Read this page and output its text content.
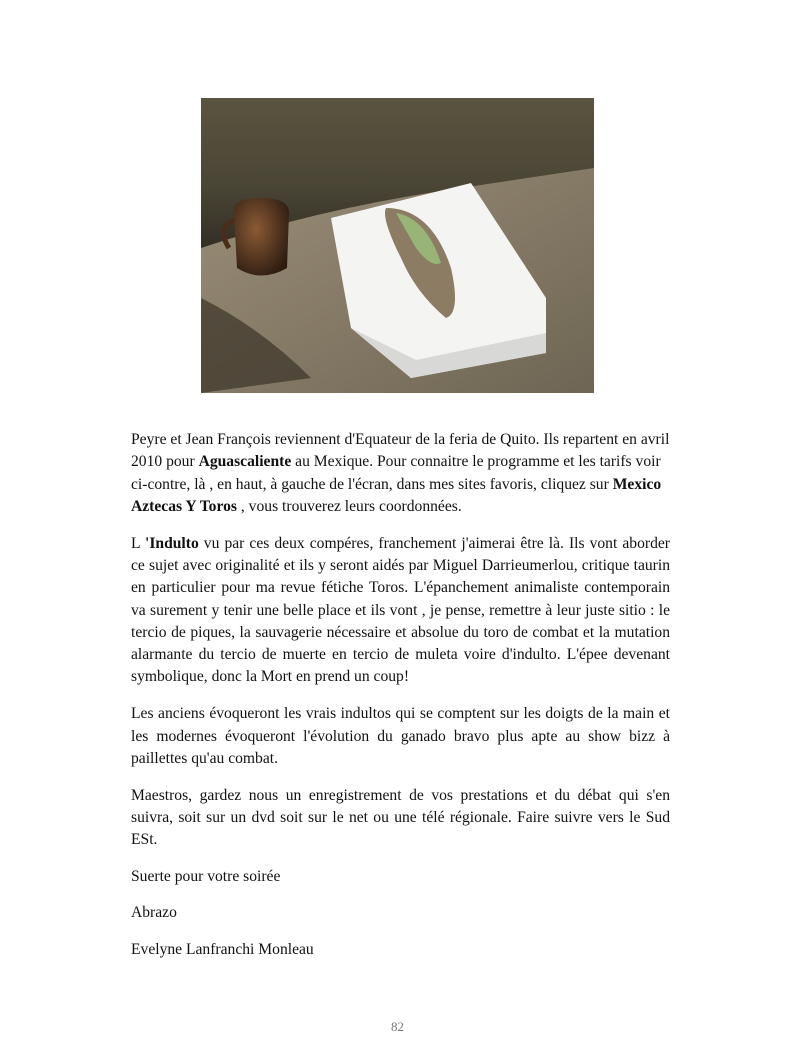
Peyre et Jean François reviennent d'Equateur de la feria de Quito. Ils repartent en avril 2010 pour Aguascaliente au Mexique. Pour connaitre le programme et les tarifs voir ci-contre, là , en haut, à gauche de l'écran, dans mes sites favoris, cliquez sur Mexico Aztecas Y Toros , vous trouverez leurs coordonnées.

L 'Indulto vu par ces deux compéres, franchement j'aimerai être là. Ils vont aborder ce sujet avec originalité et ils y seront aidés par Miguel Darrieumerlou, critique taurin en particulier pour ma revue fétiche Toros. L'épanchement animaliste contemporain va surement y tenir une belle place et ils vont , je pense, remettre à leur juste sitio : le tercio de piques, la sauvagerie nécessaire et absolue du toro de combat et la mutation alarmante du tercio de muerte en tercio de muleta voire d'indulto. L'épee devenant symbolique, donc la Mort en prend un coup!

Les anciens évoqueront les vrais indultos qui se comptent sur les doigts de la main et les modernes évoqueront l'évolution du ganado bravo plus apte au show bizz à paillettes qu'au combat.

Maestros, gardez nous un enregistrement de vos prestations et du débat qui s'en suivra, soit sur un dvd soit sur le net ou une télé régionale. Faire suivre vers le Sud ESt.

Suerte pour votre soirée

Abrazo

Evelyne Lanfranchi Monleau

82
